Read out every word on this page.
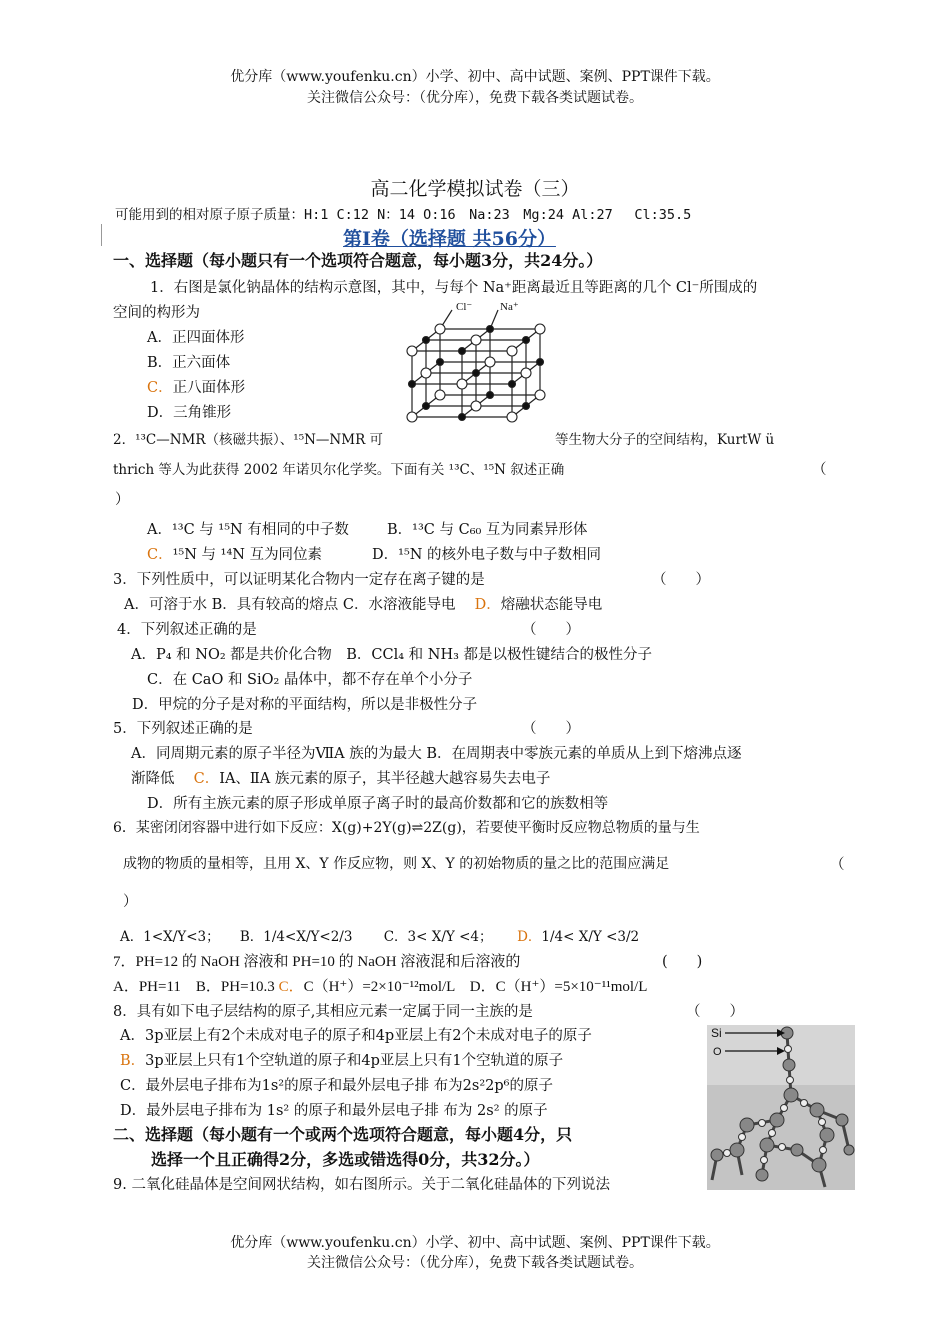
优分库（www.youfenku.cn）小学、初中、高中试题、案例、PPT课件下载。
关注微信公众号：（优分库），免费下载各类试题试卷。
高二化学模拟试卷（三）
可能用到的相对原子原子质量：H:1 C:12 N：14 O:16　Na:23　Mg:24 Al:27　 Cl:35.5
第Ⅰ卷（选择题 共56分）
一、选择题（每小题只有一个选项符合题意，每小题3分，共24分。）
1．右图是氯化钠晶体的结构示意图，其中，与每个 Na⁺距离最近且等距离的几个 Cl⁻所围成的
空间的构形为
A．正四面体形
B．正六面体
C．正八面体形
D．三角锥形
Cl⁻	Na⁺
2．¹³C—NMR（核磁共振）、¹⁵N—NMR 可	等生物大分子的空间结构，KurtW ü
thrich 等人为此获得 2002 年诺贝尔化学奖。下面有关 ¹³C、¹⁵N 叙述正确	（
）
A．¹³C 与 ¹⁵N 有相同的中子数	B．¹³C 与 C₆₀ 互为同素异形体
C．¹⁵N 与 ¹⁴N 互为同位素	D．¹⁵N 的核外电子数与中子数相同
3．下列性质中，可以证明某化合物内一定存在离子键的是	（　　）
A．可溶于水 B．具有较高的熔点 C．水溶液能导电　 D．熔融状态能导电
4．下列叙述正确的是	（　　）
A．P₄ 和 NO₂ 都是共价化合物　B．CCl₄ 和 NH₃ 都是以极性键结合的极性分子
C．在 CaO 和 SiO₂ 晶体中，都不存在单个小分子
D．甲烷的分子是对称的平面结构，所以是非极性分子
5．下列叙述正确的是	（　　）
A．同周期元素的原子半径为ⅦA 族的为最大 B．在周期表中零族元素的单质从上到下熔沸点逐
渐降低　 C．ⅠA、ⅡA 族元素的原子，其半径越大越容易失去电子
D．所有主族元素的原子形成单原子离子时的最高价数都和它的族数相等
6．某密闭闭容器中进行如下反应：X(g)+2Y(g)⇌2Z(g)，若要使平衡时反应物总物质的量与生
成物的物质的量相等，且用 X、Y 作反应物，则 X、Y 的初始物质的量之比的范围应满足	（
）
A．1<X/Y<3；　　B．1/4<X/Y<2/3　　 C．3< X/Y <4；　　 D．1/4< X/Y <3/2
7．PH=12 的 NaOH 溶液和 PH=10 的 NaOH 溶液混和后溶液的	(　　)
A．PH=11　B．PH=10.3 C．C（H⁺）=2×10⁻¹²mol/L　 D．C（H⁺）=5×10⁻¹¹mol/L
8．具有如下电子层结构的原子,其相应元素一定属于同一主族的是	（　　）
A．3p亚层上有2个未成对电子的原子和4p亚层上有2个未成对电子的原子
B．3p亚层上只有1个空轨道的原子和4p亚层上只有1个空轨道的原子
C．最外层电子排布为1s²的原子和最外层电子排 布为2s²2p⁶的原子
D．最外层电子排布为 1s² 的原子和最外层电子排 布为 2s² 的原子
二、选择题（每小题有一个或两个选项符合题意，每小题4分，只
选择一个且正确得2分，多选或错选得0分，共32分。）
9. 二氧化硅晶体是空间网状结构，如右图所示。关于二氧化硅晶体的下列说法
Si
O
优分库（www.youfenku.cn）小学、初中、高中试题、案例、PPT课件下载。
关注微信公众号：（优分库），免费下载各类试题试卷。
